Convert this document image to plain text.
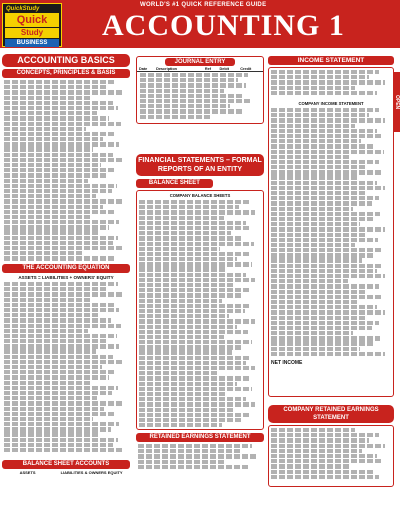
QuickStudy
Quick
Study
BUSINESS
WORLD'S #1 QUICK REFERENCE GUIDE
ACCOUNTING 1
ACCOUNTING BASICS
CONCEPTS, PRINCIPLES & BASIS
THE ACCOUNTING EQUATION
ASSETS = LIABILITIES + OWNERS' EQUITY
BALANCE SHEET ACCOUNTS
ASSETS	LIABILITIES & OWNERS EQUITY
JOURNAL ENTRY
Date	Description	Ref	Debit	Credit
FINANCIAL STATEMENTS – FORMAL REPORTS OF AN ENTITY
BALANCE SHEET
COMPANY BALANCE SHEETS
RETAINED EARNINGS STATEMENT
INCOME STATEMENT
COMPANY INCOME STATEMENT
NET INCOME
COMPANY RETAINED EARNINGS STATEMENT
OPEN
